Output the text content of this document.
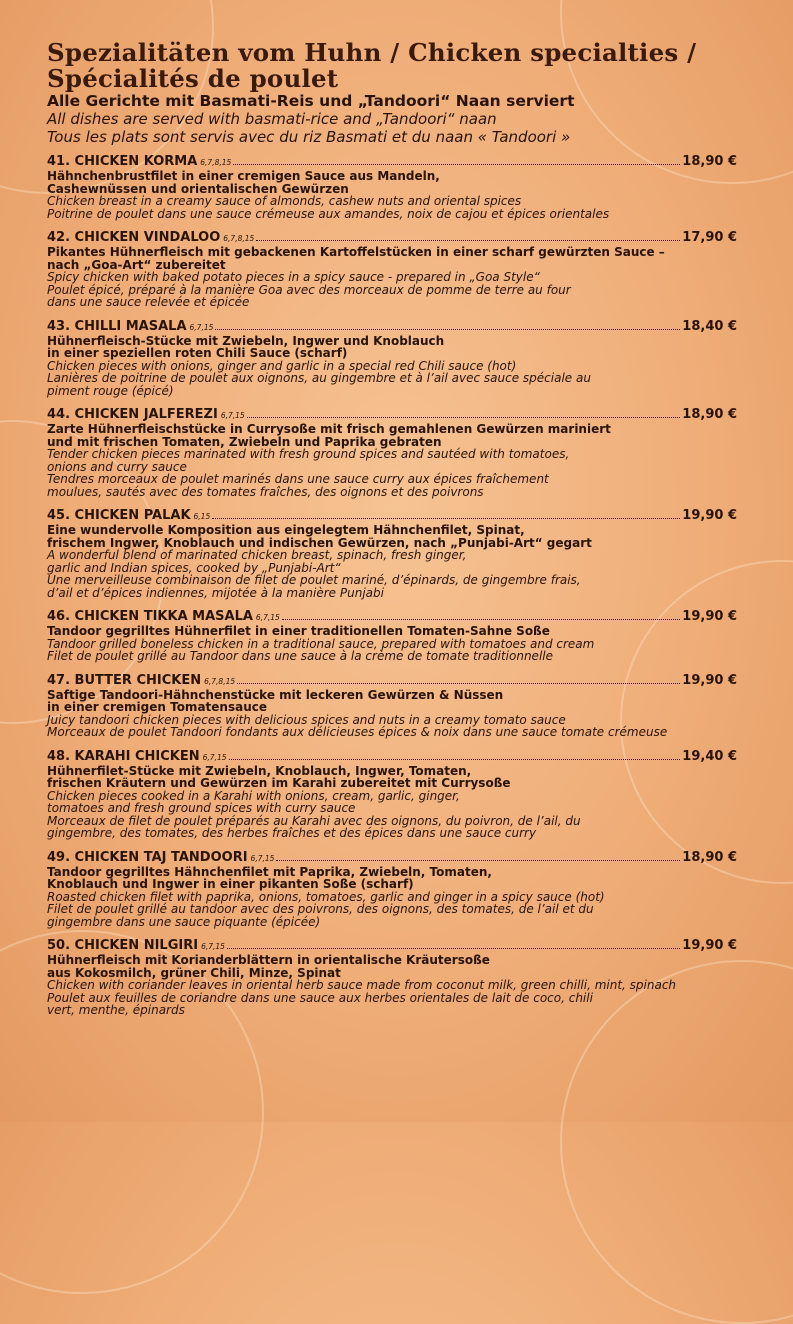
Spezialitäten vom Huhn / Chicken specialties / Spécialités de poulet

Alle Gerichte mit Basmati-Reis und „Tandoori“ Naan serviert

All dishes are served with basmati-rice and „Tandoori“ naan

Tous les plats sont servis avec du riz Basmati et du naan « Tandoori »

41. CHICKEN KORMA 6,7,8,15	18,90 €
Hähnchenbrustfilet in einer cremigen Sauce aus Mandeln,
Cashewnüssen und orientalischen Gewürzen
Chicken breast in a creamy sauce of almonds, cashew nuts and oriental spices
Poitrine de poulet dans une sauce crémeuse aux amandes, noix de cajou et épices orientales
42. CHICKEN VINDALOO 6,7,8,15	17,90 €
Pikantes Hühnerfleisch mit gebackenen Kartoffelstücken in einer scharf gewürzten Sauce –
nach „Goa-Art“ zubereitet
Spicy chicken with baked potato pieces in a spicy sauce - prepared in „Goa Style“
Poulet épicé, préparé à la manière Goa avec des morceaux de pomme de terre au four
dans une sauce relevée et épicée
43. CHILLI MASALA 6,7,15	18,40 €
Hühnerfleisch-Stücke mit Zwiebeln, Ingwer und Knoblauch
in einer speziellen roten Chili Sauce (scharf)
Chicken pieces with onions, ginger and garlic in a special red Chili sauce (hot)
Lanières de poitrine de poulet aux oignons, au gingembre et à l’ail avec sauce spéciale au
piment rouge (épicé)
44. CHICKEN JALFEREZI 6,7,15	18,90 €
Zarte Hühnerfleischstücke in Currysoße mit frisch gemahlenen Gewürzen mariniert
und mit frischen Tomaten, Zwiebeln und Paprika gebraten
Tender chicken pieces marinated with fresh ground spices and sautéed with tomatoes,
onions and curry sauce
Tendres morceaux de poulet marinés dans une sauce curry aux épices fraîchement
moulues, sautés avec des tomates fraîches, des oignons et des poivrons
45. CHICKEN PALAK 6,15	19,90 €
Eine wundervolle Komposition aus eingelegtem Hähnchenfilet, Spinat,
frischem Ingwer, Knoblauch und indischen Gewürzen, nach „Punjabi-Art“ gegart
A wonderful blend of marinated chicken breast, spinach, fresh ginger,
garlic and Indian spices, cooked by „Punjabi-Art“
Une merveilleuse combinaison de filet de poulet mariné, d’épinards, de gingembre frais,
d’ail et d’épices indiennes, mijotée à la manière Punjabi
46. CHICKEN TIKKA MASALA 6,7,15	19,90 €
Tandoor gegrilltes Hühnerfilet in einer traditionellen Tomaten-Sahne Soße
Tandoor grilled boneless chicken in a traditional sauce, prepared with tomatoes and cream
Filet de poulet grillé au Tandoor dans une sauce à la crème de tomate traditionnelle
47. BUTTER CHICKEN 6,7,8,15	19,90 €
Saftige Tandoori-Hähnchenstücke mit leckeren Gewürzen & Nüssen
in einer cremigen Tomatensauce
Juicy tandoori chicken pieces with delicious spices and nuts in a creamy tomato sauce
Morceaux de poulet Tandoori fondants aux délicieuses épices & noix dans une sauce tomate crémeuse
48. KARAHI CHICKEN 6,7,15	19,40 €
Hühnerfilet-Stücke mit Zwiebeln, Knoblauch, Ingwer, Tomaten,
frischen Kräutern und Gewürzen im Karahi zubereitet mit Currysoße
Chicken pieces cooked in a Karahi with onions, cream, garlic, ginger,
tomatoes and fresh ground spices with curry sauce
Morceaux de filet de poulet préparés au Karahi avec des oignons, du poivron, de l’ail, du
gingembre, des tomates, des herbes fraîches et des épices dans une sauce curry
49. CHICKEN TAJ TANDOORI 6,7,15	18,90 €
Tandoor gegrilltes Hähnchenfilet mit Paprika, Zwiebeln, Tomaten,
Knoblauch und Ingwer in einer pikanten Soße (scharf)
Roasted chicken filet with paprika, onions, tomatoes, garlic and ginger in a spicy sauce (hot)
Filet de poulet grillé au tandoor avec des poivrons, des oignons, des tomates, de l’ail et du
gingembre dans une sauce piquante (épicée)
50. CHICKEN NILGIRI 6,7,15	19,90 €
Hühnerfleisch mit Korianderblättern in orientalische Kräutersoße
aus Kokosmilch, grüner Chili, Minze, Spinat
Chicken with coriander leaves in oriental herb sauce made from coconut milk, green chilli, mint, spinach
Poulet aux feuilles de coriandre dans une sauce aux herbes orientales de lait de coco, chili
vert, menthe, épinards
